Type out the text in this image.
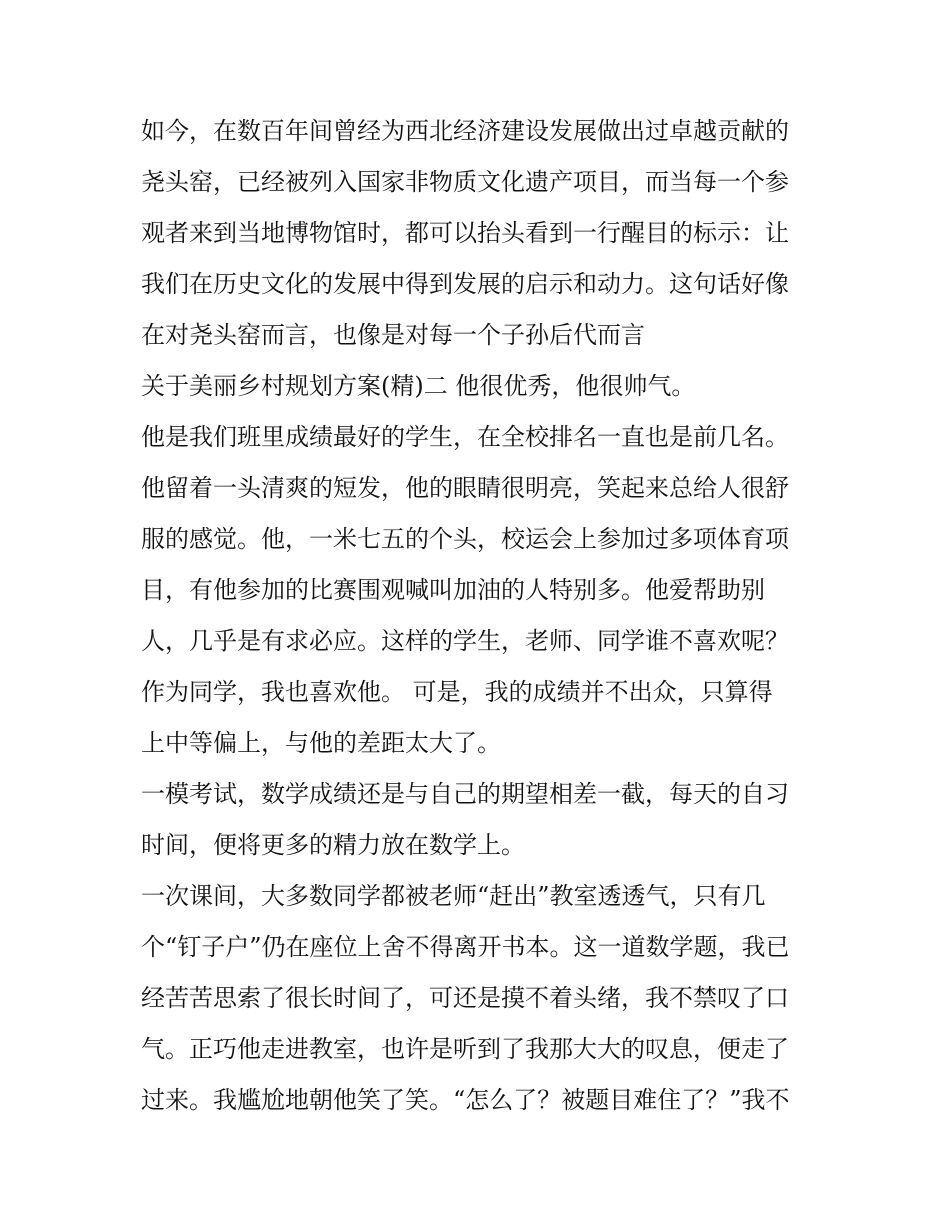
如今，在数百年间曾经为西北经济建设发展做出过卓越贡献的
尧头窑，已经被列入国家非物质文化遗产项目，而当每一个参
观者来到当地博物馆时，都可以抬头看到一行醒目的标示：让
我们在历史文化的发展中得到发展的启示和动力。这句话好像
在对尧头窑而言，也像是对每一个子孙后代而言
关于美丽乡村规划方案(精)二 他很优秀，他很帅气。
他是我们班里成绩最好的学生，在全校排名一直也是前几名。
他留着一头清爽的短发，他的眼睛很明亮，笑起来总给人很舒
服的感觉。他，一米七五的个头，校运会上参加过多项体育项
目，有他参加的比赛围观喊叫加油的人特别多。他爱帮助别
人，几乎是有求必应。这样的学生，老师、同学谁不喜欢呢？
作为同学，我也喜欢他。 可是，我的成绩并不出众，只算得
上中等偏上，与他的差距太大了。
一模考试，数学成绩还是与自己的期望相差一截，每天的自习
时间，便将更多的精力放在数学上。
一次课间，大多数同学都被老师“赶出”教室透透气，只有几
个“钉子户”仍在座位上舍不得离开书本。这一道数学题，我已
经苦苦思索了很长时间了，可还是摸不着头绪，我不禁叹了口
气。正巧他走进教室，也许是听到了我那大大的叹息，便走了
过来。我尴尬地朝他笑了笑。“怎么了？被题目难住了？”我不
